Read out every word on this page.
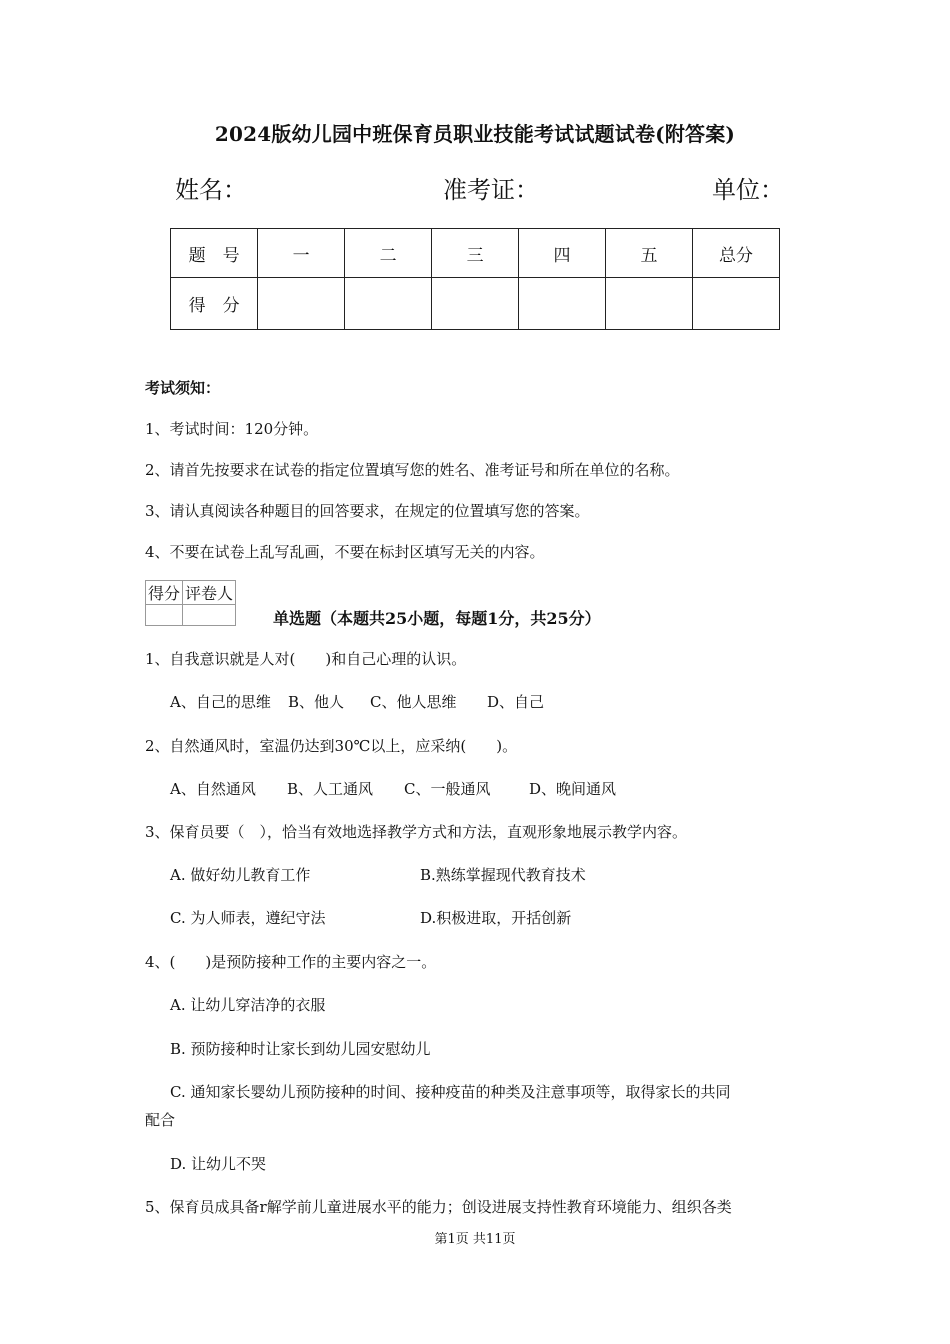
2024版幼儿园中班保育员职业技能考试试题试卷(附答案)
姓名：	准考证：	单位：
题　号	一	二	三	四	五	总分
得　分						
考试须知：
1、考试时间：120分钟。
2、请首先按要求在试卷的指定位置填写您的姓名、准考证号和所在单位的名称。
3、请认真阅读各种题目的回答要求，在规定的位置填写您的答案。
4、不要在试卷上乱写乱画，不要在标封区填写无关的内容。
得分	评卷人

单选题（本题共25小题，每题1分，共25分）
1、自我意识就是人对(　　)和自己心理的认识。
A、自己的思维 B、他人 C、他人思维 D、自己
2、自然通风时，室温仍达到30℃以上，应采纳(　　)。
A、自然通风 B、人工通风 C、一般通风	D、晚间通风
3、保育员要（　），恰当有效地选择教学方式和方法，直观形象地展示教学内容。
A. 做好幼儿教育工作	B.熟练掌握现代教育技术
C. 为人师表，遵纪守法	D.积极进取，开括创新
4、(　　)是预防接种工作的主要内容之一。
A. 让幼儿穿洁净的衣服
B. 预防接种时让家长到幼儿园安慰幼儿
C. 通知家长婴幼儿预防接种的时间、接种疫苗的种类及注意事项等，取得家长的共同
配合
D. 让幼儿不哭
5、保育员成具备r解学前儿童进展水平的能力；创设进展支持性教育环境能力、组织各类
第1页 共11页
